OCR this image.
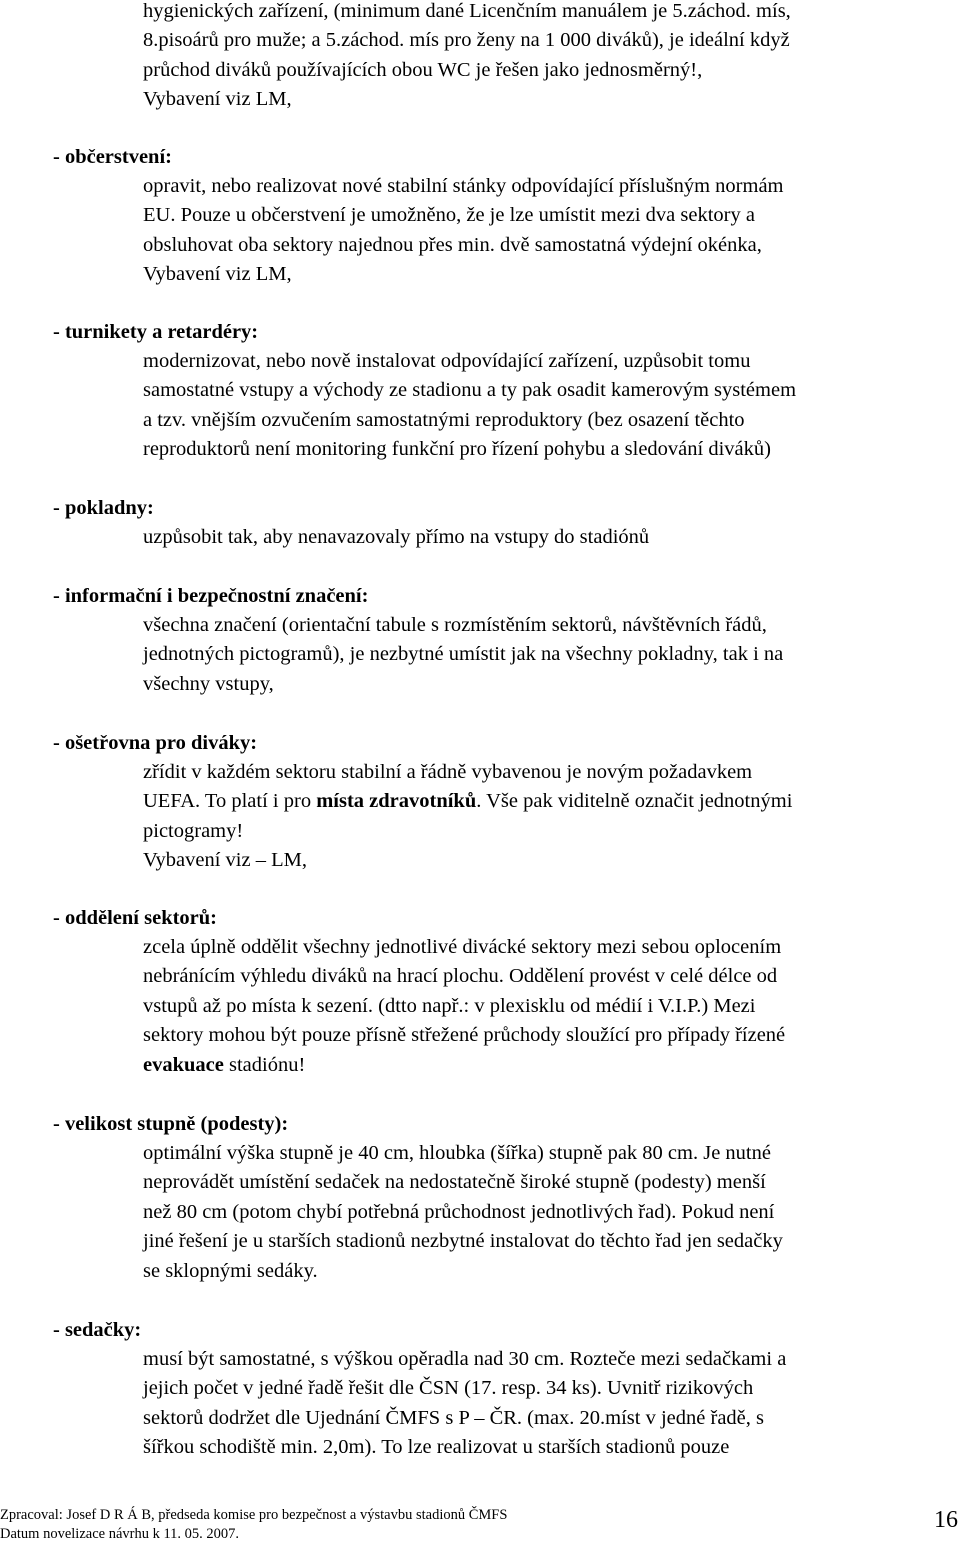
hygienických zařízení, (minimum dané Licenčním manuálem je 5.záchod. mís,
8.pisoárů pro muže; a 5.záchod. mís pro ženy na 1 000 diváků), je ideální když
průchod diváků používajících obou WC je řešen jako jednosměrný!,
Vybavení viz LM,
- občerstvení:
opravit, nebo realizovat nové stabilní stánky odpovídající příslušným normám
EU. Pouze u občerstvení je umožněno, že je lze umístit mezi dva sektory a
obsluhovat oba sektory najednou přes min. dvě samostatná výdejní okénka,
Vybavení viz LM,
- turnikety a retardéry:
modernizovat, nebo nově instalovat odpovídající zařízení, uzpůsobit tomu
samostatné vstupy a východy ze stadionu a ty pak osadit kamerovým systémem
a tzv. vnějším ozvučením samostatnými reproduktory (bez osazení těchto
reproduktorů není monitoring funkční pro řízení pohybu a sledování diváků)
- pokladny:
uzpůsobit tak, aby nenavazovaly přímo na vstupy do stadiónů
- informační i bezpečnostní značení:
všechna značení (orientační tabule s rozmístěním sektorů, návštěvních řádů,
jednotných pictogramů), je nezbytné umístit jak na všechny pokladny, tak i na
všechny vstupy,
- ošetřovna pro diváky:
zřídit v každém sektoru stabilní a řádně vybavenou je novým požadavkem
UEFA. To platí i pro místa zdravotníků. Vše pak viditelně označit jednotnými
pictogramy!
Vybavení viz – LM,
- oddělení sektorů:
zcela úplně oddělit všechny jednotlivé divácké sektory mezi sebou oplocením
nebránícím výhledu diváků na hrací plochu. Oddělení provést v celé délce od
vstupů až po místa k sezení. (dtto např.: v plexisklu od médií i V.I.P.) Mezi
sektory mohou být pouze přísně střežené průchody sloužící pro případy řízené
evakuace stadiónu!
- velikost stupně (podesty):
optimální výška stupně je 40 cm, hloubka (šířka) stupně pak 80 cm. Je nutné
neprovádět umístění sedaček na nedostatečně široké stupně (podesty) menší
než 80 cm (potom chybí potřebná průchodnost jednotlivých řad). Pokud není
jiné řešení je u starších stadionů nezbytné instalovat do těchto řad jen sedačky
se sklopnými sedáky.
- sedačky:
musí být samostatné, s výškou opěradla nad 30 cm. Rozteče mezi sedačkami a
jejich počet v jedné řadě řešit dle ČSN (17. resp. 34 ks). Uvnitř rizikových
sektorů dodržet dle Ujednání ČMFS s P – ČR. (max. 20.míst v jedné řadě, s
šířkou schodiště min. 2,0m). To lze realizovat u starších stadionů pouze
Zpracoval: Josef D R Á B, předseda komise pro bezpečnost a výstavbu stadionů ČMFS
Datum novelizace návrhu k 11. 05. 2007.
16
